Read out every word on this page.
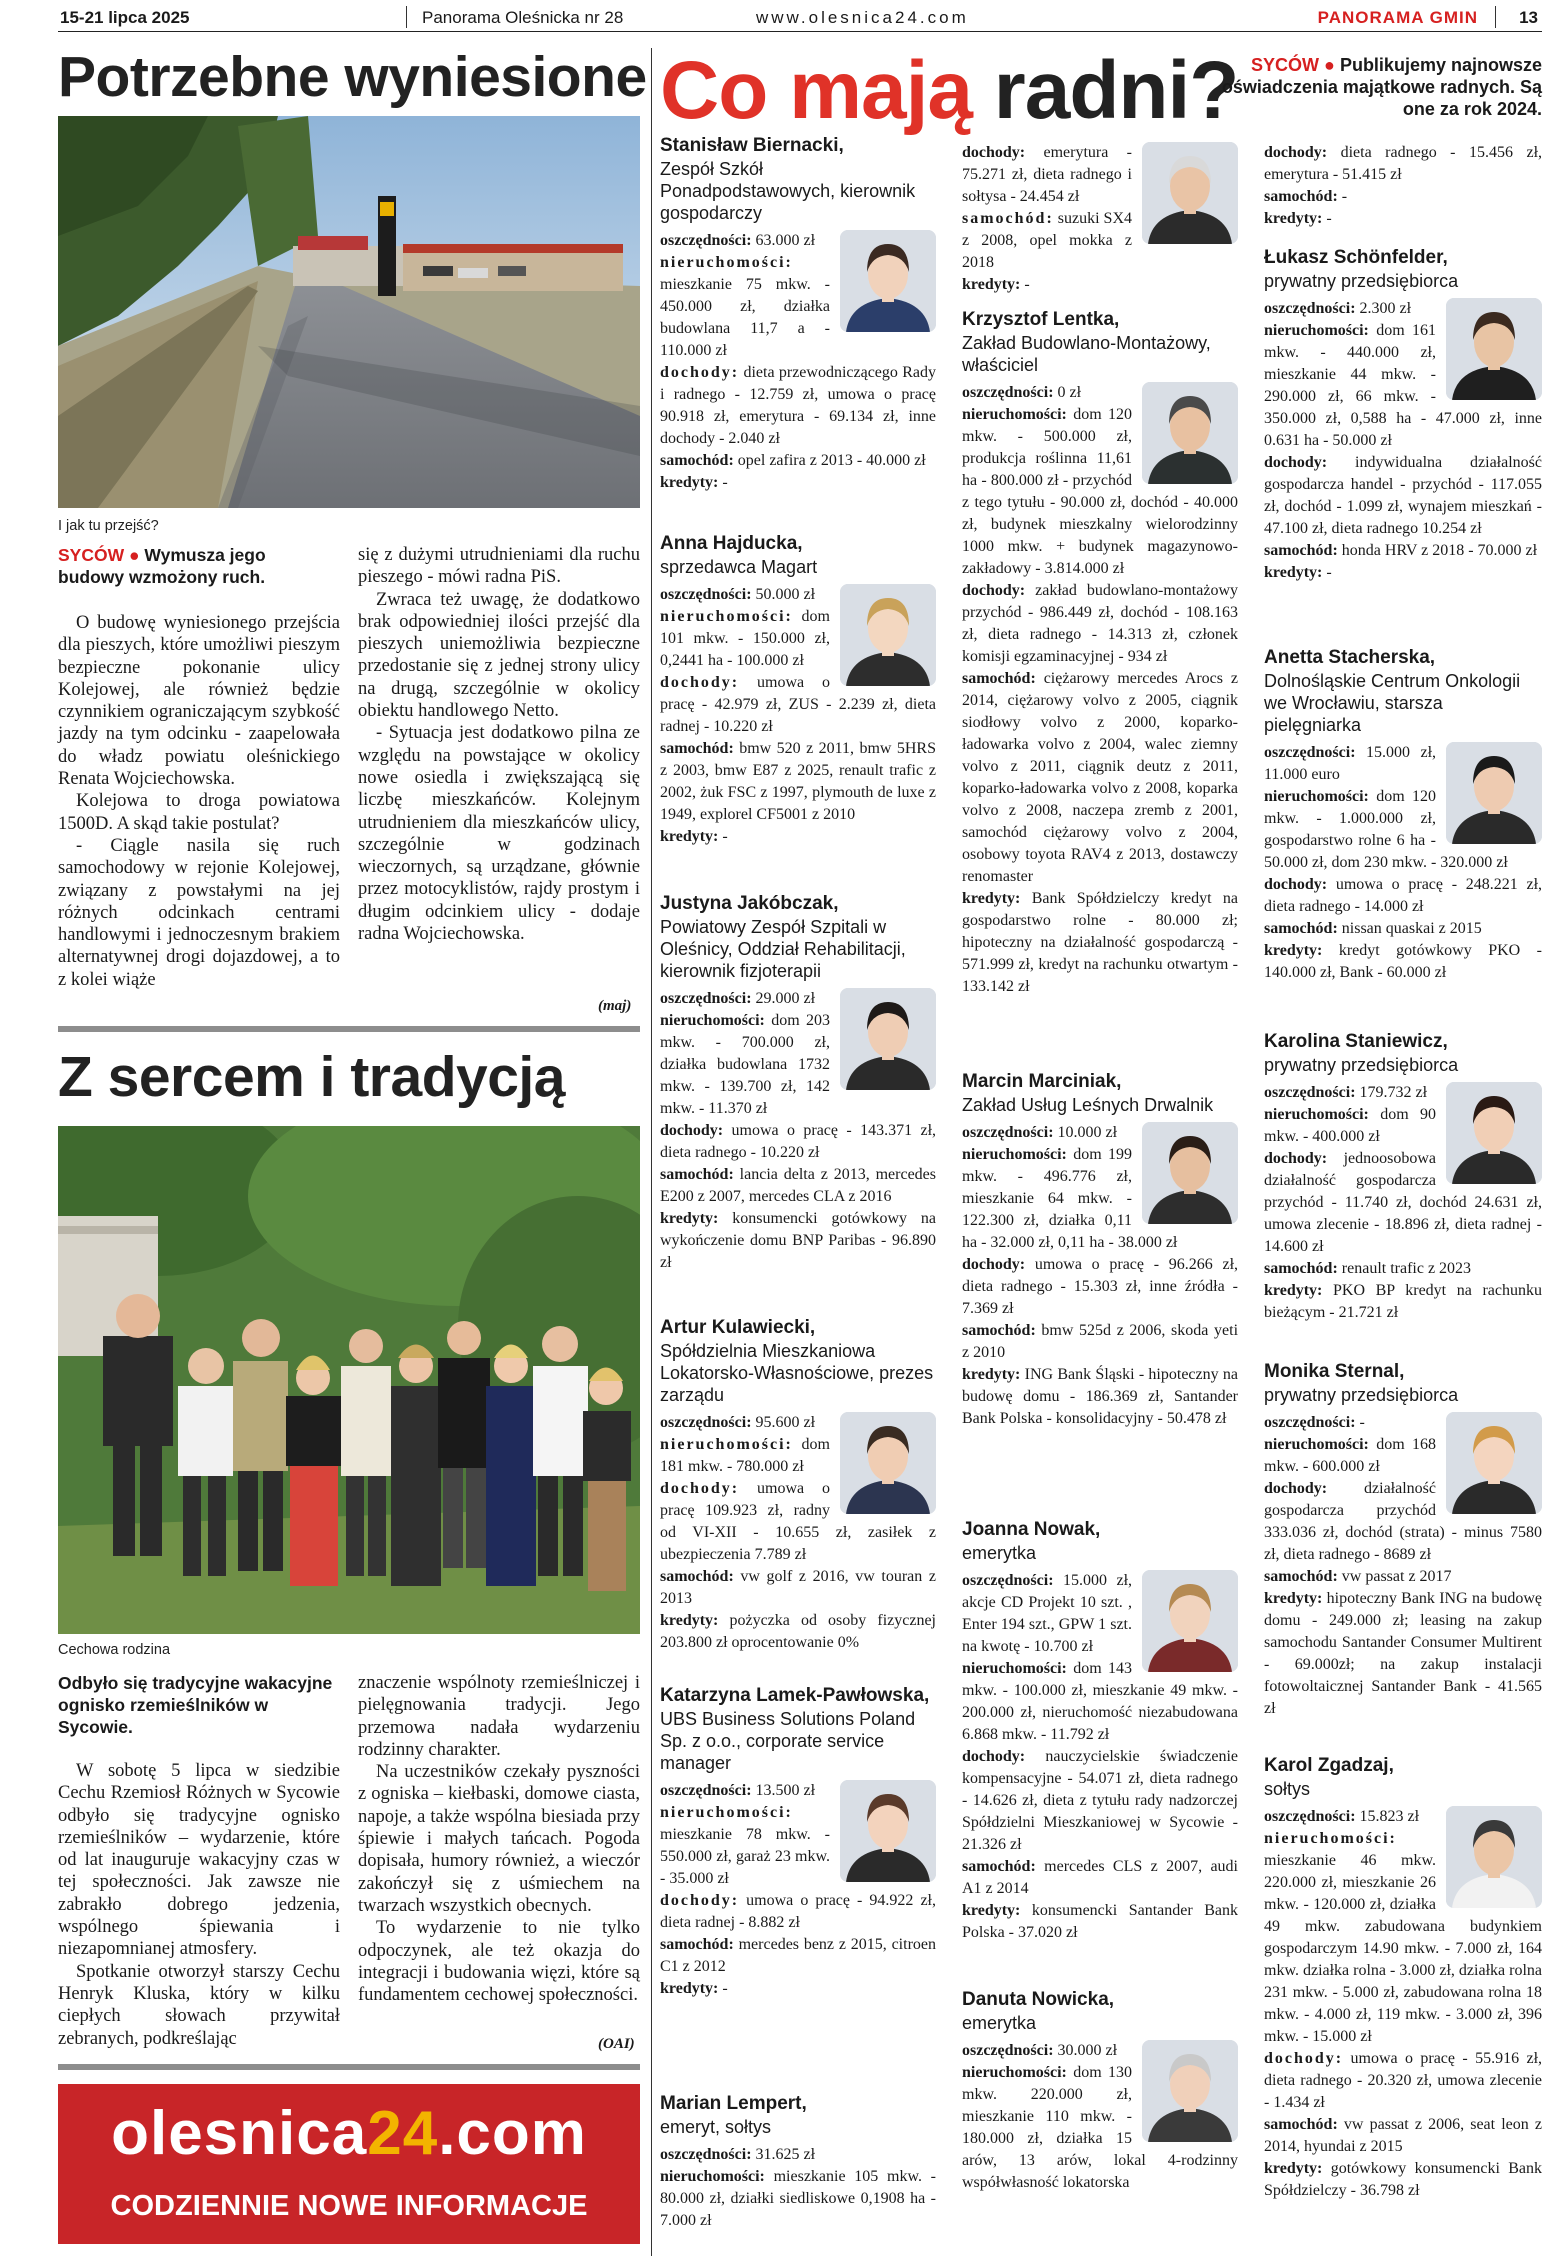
15-21 lipca 2025	Panorama Oleśnicka nr 28	www.olesnica24.com	PANORAMA GMIN 13
Potrzebne wyniesione
I jak tu przejść?
SYCÓW ● Wymusza jego budowy wzmożony ruch.

O budowę wyniesionego przejścia dla pieszych, które umożliwi pieszym bezpieczne pokonanie ulicy Kolejowej, ale również będzie czynnikiem ograniczającym szybkość jazdy na tym odcinku - zaapelowała do władz powiatu oleśnickiego Renata Wojciechowska.

Kolejowa to droga powiatowa 1500D. A skąd takie postulat?

- Ciągle nasila się ruch samochodowy w rejonie Kolejowej, związany z powstałymi na jej różnych odcinkach centrami handlowymi i jednoczesnym brakiem alternatywnej drogi dojazdowej, a to z kolei wiąże

się z dużymi utrudnieniami dla ruchu pieszego - mówi radna PiS.

Zwraca też uwagę, że dodatkowo brak odpowiedniej ilości przejść dla pieszych uniemożliwia bezpieczne przedostanie się z jednej strony ulicy na drugą, szczególnie w okolicy obiektu handlowego Netto.

- Sytuacja jest dodatkowo pilna ze względu na powstające w okolicy nowe osiedla i zwiększającą się liczbę mieszkańców. Kolejnym utrudnieniem dla mieszkańców ulicy, szczególnie w godzinach wieczornych, są urządzane, głównie przez motocyklistów, rajdy prostym i długim odcinkiem ulicy - dodaje radna Wojciechowska.

(maj)
Z sercem i tradycją
Cechowa rodzina
Odbyło się tradycyjne wakacyjne ognisko rzemieślników w Sycowie.

W sobotę 5 lipca w siedzibie Cechu Rzemiosł Różnych w Sycowie odbyło się tradycyjne ognisko rzemieślników – wydarzenie, które od lat inauguruje wakacyjny czas w tej społeczności. Jak zawsze nie zabrakło dobrego jedzenia, wspólnego śpiewania i niezapomnianej atmosfery.

Spotkanie otworzył starszy Cechu Henryk Kluska, który w kilku ciepłych słowach przywitał zebranych, podkreślając

znaczenie wspólnoty rzemieślniczej i pielęgnowania tradycji. Jego przemowa nadała wydarzeniu rodzinny charakter.

Na uczestników czekały pyszności z ogniska – kiełbaski, domowe ciasta, napoje, a także wspólna biesiada przy śpiewie i małych tańcach. Pogoda dopisała, humory również, a wieczór zakończył się z uśmiechem na twarzach wszystkich obecnych.

To wydarzenie to nie tylko odpoczynek, ale też okazja do integracji i budowania więzi, które są fundamentem cechowej społeczności.

(OAI)
olesnica24.com
CODZIENNIE NOWE INFORMACJE
Co mają radni? SYCÓW ● Publikujemy najnowsze oświadczenia majątkowe radnych. Są one za rok 2024.
Stanisław Biernacki,
Zespół Szkół Ponadpodstawowych, kierownik gospodarczy
oszczędności: 63.000 zł
nieruchomości: mieszkanie 75 mkw. - 450.000 zł, działka budowlana 11,7 a - 110.000 zł
dochody: dieta przewodniczącego Rady i radnego - 12.759 zł, umowa o pracę 90.918 zł, emerytura - 69.134 zł, inne dochody - 2.040 zł
samochód: opel zafira z 2013 - 40.000 zł
kredyty: -

Anna Hajducka,
sprzedawca Magart
oszczędności: 50.000 zł
nieruchomości: dom 101 mkw. - 150.000 zł, 0,2441 ha - 100.000 zł
dochody: umowa o pracę - 42.979 zł, ZUS - 2.239 zł, dieta radnej - 10.220 zł
samochód: bmw 520 z 2011, bmw 5HRS z 2003, bmw E87 z 2025, renault trafic z 2002, żuk FSC z 1997, plymouth de luxe z 1949, explorel CF5001 z 2010
kredyty: -

Justyna Jakóbczak,
Powiatowy Zespół Szpitali w Oleśnicy, Oddział Rehabilitacji, kierownik fizjoterapii
oszczędności: 29.000 zł
nieruchomości: dom 203 mkw. - 700.000 zł, działka budowlana 1732 mkw. - 139.700 zł, 142 mkw. - 11.370 zł
dochody: umowa o pracę - 143.371 zł, dieta radnego - 10.220 zł
samochód: lancia delta z 2013, mercedes E200 z 2007, mercedes CLA z 2016
kredyty: konsumencki gotówkowy na wykończenie domu BNP Paribas - 96.890 zł

Artur Kulawiecki,
Spółdzielnia Mieszkaniowa Lokatorsko-Własnościowe, prezes zarządu
oszczędności: 95.600 zł
nieruchomości: dom 181 mkw. - 780.000 zł
dochody: umowa o pracę 109.923 zł, radny od VI-XII - 10.655 zł, zasiłek z ubezpieczenia 7.789 zł
samochód: vw golf z 2016, vw touran z 2013
kredyty: pożyczka od osoby fizycznej 203.800 zł oprocentowanie 0%

Katarzyna Lamek-Pawłowska,
UBS Business Solutions Poland Sp. z o.o., corporate service manager
oszczędności: 13.500 zł
nieruchomości: mieszkanie 78 mkw. - 550.000 zł, garaż 23 mkw. - 35.000 zł
dochody: umowa o pracę - 94.922 zł, dieta radnej - 8.882 zł
samochód: mercedes benz z 2015, citroen C1 z 2012
kredyty: -

Marian Lempert,
emeryt, sołtys
oszczędności: 31.625 zł
nieruchomości: mieszkanie 105 mkw. - 80.000 zł, działki siedliskowe 0,1908 ha - 7.000 zł

dochody: emerytura - 75.271 zł, dieta radnego i sołtysa - 24.454 zł
samochód: suzuki SX4 z 2008, opel mokka z 2018
kredyty: -

Krzysztof Lentka,
Zakład Budowlano-Montażowy, właściciel
oszczędności: 0 zł
nieruchomości: dom 120 mkw. - 500.000 zł, produkcja roślinna 11,61 ha - 800.000 zł - przychód z tego tytułu - 90.000 zł, dochód - 40.000 zł, budynek mieszkalny wielorodzinny 1000 mkw. + budynek magazynowo-zakładowy - 3.814.000 zł
dochody: zakład budowlano-montażowy przychód - 986.449 zł, dochód - 108.163 zł, dieta radnego - 14.313 zł, członek komisji egzaminacyjnej - 934 zł
samochód: ciężarowy mercedes Arocs z 2014, ciężarowy volvo z 2005, ciągnik siodłowy volvo z 2000, koparko-ładowarka volvo z 2004, walec ziemny volvo z 2011, ciągnik deutz z 2011, koparko-ładowarka volvo z 2008, koparka volvo z 2008, naczepa zremb z 2001, samochód ciężarowy volvo z 2004, osobowy toyota RAV4 z 2013, dostawczy renomaster
kredyty: Bank Spółdzielczy kredyt na gospodarstwo rolne - 80.000 zł; hipoteczny na działalność gospodarczą - 571.999 zł, kredyt na rachunku otwartym - 133.142 zł

Marcin Marciniak,
Zakład Usług Leśnych Drwalnik
oszczędności: 10.000 zł
nieruchomości: dom 199 mkw. - 496.776 zł, mieszkanie 64 mkw. - 122.300 zł, działka 0,11 ha - 32.000 zł, 0,11 ha - 38.000 zł
dochody: umowa o pracę - 96.266 zł, dieta radnego - 15.303 zł, inne źródła - 7.369 zł
samochód: bmw 525d z 2006, skoda yeti z 2010
kredyty: ING Bank Śląski - hipoteczny na budowę domu - 186.369 zł, Santander Bank Polska - konsolidacyjny - 50.478 zł

Joanna Nowak,
emerytka
oszczędności: 15.000 zł, akcje CD Projekt 10 szt. , Enter 194 szt., GPW 1 szt. na kwotę - 10.700 zł
nieruchomości: dom 143 mkw. - 100.000 zł, mieszkanie 49 mkw. - 200.000 zł, nieruchomość niezabudowana 6.868 mkw. - 11.792 zł
dochody: nauczycielskie świadczenie kompensacyjne - 54.071 zł, dieta radnego - 14.626 zł, dieta z tytułu rady nadzorczej Spółdzielni Mieszkaniowej w Sycowie - 21.326 zł
samochód: mercedes CLS z 2007, audi A1 z 2014
kredyty: konsumencki Santander Bank Polska - 37.020 zł

Danuta Nowicka,
emerytka
oszczędności: 30.000 zł
nieruchomości: dom 130 mkw. 220.000 zł, mieszkanie 110 mkw. - 180.000 zł, działka 15 arów, 13 arów, lokal 4-rodzinny współwłasność lokatorska

dochody: dieta radnego - 15.456 zł, emerytura - 51.415 zł
samochód: -
kredyty: -

Łukasz Schönfelder,
prywatny przedsiębiorca
oszczędności: 2.300 zł
nieruchomości: dom 161 mkw. - 440.000 zł, mieszkanie 44 mkw. - 290.000 zł, 66 mkw. - 350.000 zł, 0,588 ha - 47.000 zł, inne 0.631 ha - 50.000 zł
dochody: indywidualna działalność gospodarcza handel - przychód - 117.055 zł, dochód - 1.099 zł, wynajem mieszkań - 47.100 zł, dieta radnego 10.254 zł
samochód: honda HRV z 2018 - 70.000 zł
kredyty: -

Anetta Stacherska,
Dolnośląskie Centrum Onkologii we Wrocławiu, starsza pielęgniarka
oszczędności: 15.000 zł, 11.000 euro
nieruchomości: dom 120 mkw. - 1.000.000 zł, gospodarstwo rolne 6 ha - 50.000 zł, dom 230 mkw. - 320.000 zł
dochody: umowa o pracę - 248.221 zł, dieta radnego - 14.000 zł
samochód: nissan quaskai z 2015
kredyty: kredyt gotówkowy PKO - 140.000 zł, Bank - 60.000 zł

Karolina Staniewicz,
prywatny przedsiębiorca
oszczędności: 179.732 zł
nieruchomości: dom 90 mkw. - 400.000 zł
dochody: jednoosobowa działalność gospodarcza przychód - 11.740 zł, dochód 24.631 zł, umowa zlecenie - 18.896 zł, dieta radnej - 14.600 zł
samochód: renault trafic z 2023
kredyty: PKO BP kredyt na rachunku bieżącym - 21.721 zł

Monika Sternal,
prywatny przedsiębiorca
oszczędności: -
nieruchomości: dom 168 mkw. - 600.000 zł
dochody: działalność gospodarcza przychód 333.036 zł, dochód (strata) - minus 7580 zł, dieta radnego - 8689 zł
samochód: vw passat z 2017
kredyty: hipoteczny Bank ING na budowę domu - 249.000 zł; leasing na zakup samochodu Santander Consumer Multirent - 69.000zł; na zakup instalacji fotowoltaicznej Santander Bank - 41.565 zł

Karol Zgadzaj,
sołtys
oszczędności: 15.823 zł
nieruchomości: mieszkanie 46 mkw. 220.000 zł, mieszkanie 26 mkw. - 120.000 zł, działka 49 mkw. zabudowana budynkiem gospodarczym 14.90 mkw. - 7.000 zł, 164 mkw. działka rolna - 3.000 zł, działka rolna 231 mkw. - 5.000 zł, zabudowana rolna 18 mkw. - 4.000 zł, 119 mkw. - 3.000 zł, 396 mkw. - 15.000 zł
dochody: umowa o pracę - 55.916 zł, dieta radnego - 20.320 zł, umowa zlecenie - 1.434 zł
samochód: vw passat z 2006, seat leon z 2014, hyundai z 2015
kredyty: gotówkowy konsumencki Bank Spółdzielczy - 36.798 zł
